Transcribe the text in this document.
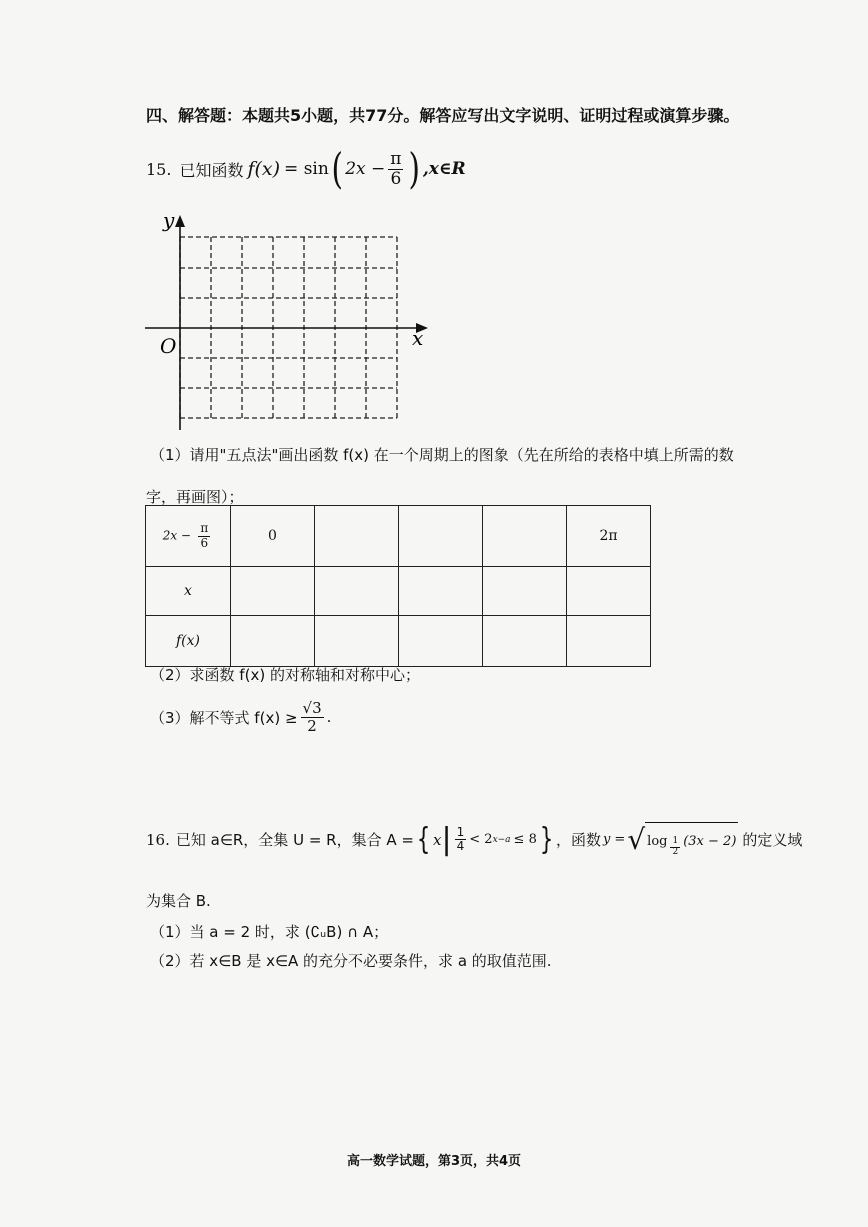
四、解答题：本题共5小题，共77分。解答应写出文字说明、证明过程或演算步骤。
15. 已知函数 f(x) = sin ( $2x - \frac{\pi}{6}$ ) ,x∈R
y
x
O
（1）请用"五点法"画出函数 f(x) 在一个周期上的图象（先在所给的表格中填上所需的数
字，再画图）；
$2x - \frac{\pi}{6}$	0				2π
x					
f(x)					
（2）求函数 f(x) 的对称轴和对称中心；
（3）解不等式 $f(x) \ge \frac{√3}{2}$ .
16. 已知 a∈R，全集 U = R，集合 A = { x | $\frac{1}{4} < 2$ x−a ≤ 8 } ，函数 y = √ $\log \frac{1}{2} (3x - 2)$ 的定义域
为集合 B.
（1）当 a = 2 时，求 (∁ᵤB) ∩ A；
（2）若 x∈B 是 x∈A 的充分不必要条件，求 a 的取值范围.
高一数学试题，第3页，共4页
